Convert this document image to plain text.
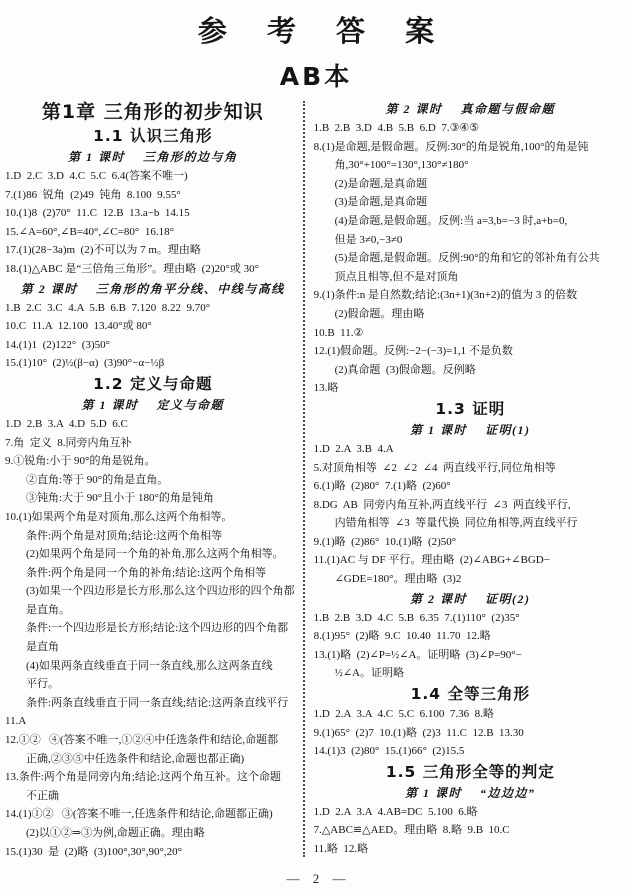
参 考 答 案
AB本
第1章 三角形的初步知识
1.1 认识三角形
第 1 课时    三角形的边与角
1.D  2.C  3.D  4.C  5.C  6.4(答案不唯一)
7.(1)86  锐角  (2)49  钝角  8.100  9.55°
10.(1)8  (2)70°  11.C  12.B  13.a−b  14.15
15.∠A=60°,∠B=40°,∠C=80°  16.18°
17.(1)(28−3a)m  (2)不可以为 7 m。理由略
18.(1)△ABC 是“三倍角三角形”。理由略  (2)20°或 30°
第 2 课时    三角形的角平分线、中线与高线
1.B  2.C  3.C  4.A  5.B  6.B  7.120  8.22  9.70°
10.C  11.A  12.100  13.40°或 80°
14.(1)1  (2)122°  (3)50°
15.(1)10°  (2)½(β−α)  (3)90°−α−½β
1.2 定义与命题
第 1 课时    定义与命题
1.D  2.B  3.A  4.D  5.D  6.C
7.角  定义  8.同旁内角互补
9.①锐角:小于 90°的角是锐角。
②直角:等于 90°的角是直角。
③钝角:大于 90°且小于 180°的角是钝角
10.(1)如果两个角是对顶角,那么这两个角相等。
条件:两个角是对顶角;结论:这两个角相等
(2)如果两个角是同一个角的补角,那么这两个角相等。
条件:两个角是同一个角的补角;结论:这两个角相等
(3)如果一个四边形是长方形,那么这个四边形的四个角都
是直角。
条件:一个四边形是长方形;结论:这个四边形的四个角都
是直角
(4)如果两条直线垂直于同一条直线,那么这两条直线
平行。
条件:两条直线垂直于同一条直线;结论:这两条直线平行
11.A
12.①②   ④(答案不唯一,①②④中任选条件和结论,命题都
正确,②③⑤中任选条件和结论,命题也都正确)
13.条件:两个角是同旁内角;结论:这两个角互补。这个命题
不正确
14.(1)①②   ③(答案不唯一,任选条件和结论,命题都正确)
(2)以①②⇒③为例,命题正确。理由略
15.(1)30  是  (2)略  (3)100°,30°,90°,20°
第 2 课时    真命题与假命题
1.B  2.B  3.D  4.B  5.B  6.D  7.③④⑤
8.(1)是命题,是假命题。反例:30°的角是锐角,100°的角是钝
角,30°+100°=130°,130°≠180°
(2)是命题,是真命题
(3)是命题,是真命题
(4)是命题,是假命题。反例:当 a=3,b=−3 时,a+b=0,
但是 3≠0,−3≠0
(5)是命题,是假命题。反例:90°的角和它的邻补角有公共
顶点且相等,但不是对顶角
9.(1)条件:n 是自然数;结论:(3n+1)(3n+2)的值为 3 的倍数
(2)假命题。理由略
10.B  11.②
12.(1)假命题。反例:−2−(−3)=1,1 不是负数
(2)真命题  (3)假命题。反例略
13.略
1.3 证明
第 1 课时    证明(1)
1.D  2.A  3.B  4.A
5.对顶角相等  ∠2  ∠2  ∠4  两直线平行,同位角相等
6.(1)略  (2)80°  7.(1)略  (2)60°
8.DG  AB  同旁内角互补,两直线平行  ∠3  两直线平行,
内错角相等  ∠3  等量代换  同位角相等,两直线平行
9.(1)略  (2)86°  10.(1)略  (2)50°
11.(1)AC 与 DF 平行。理由略  (2)∠ABG+∠BGD−
∠GDE=180°。理由略  (3)2
第 2 课时    证明(2)
1.B  2.B  3.D  4.C  5.B  6.35  7.(1)110°  (2)35°
8.(1)95°  (2)略  9.C  10.40  11.70  12.略
13.(1)略  (2)∠P=½∠A。证明略  (3)∠P=90°−
½∠A。证明略
1.4 全等三角形
1.D  2.A  3.A  4.C  5.C  6.100  7.36  8.略
9.(1)65°  (2)7  10.(1)略  (2)3  11.C  12.B  13.30
14.(1)3  (2)80°  15.(1)66°  (2)15.5
1.5 三角形全等的判定
第 1 课时    “边边边”
1.D  2.A  3.A  4.AB=DC  5.100  6.略
7.△ABC≌△AED。理由略  8.略  9.B  10.C
11.略  12.略
— 2 —
